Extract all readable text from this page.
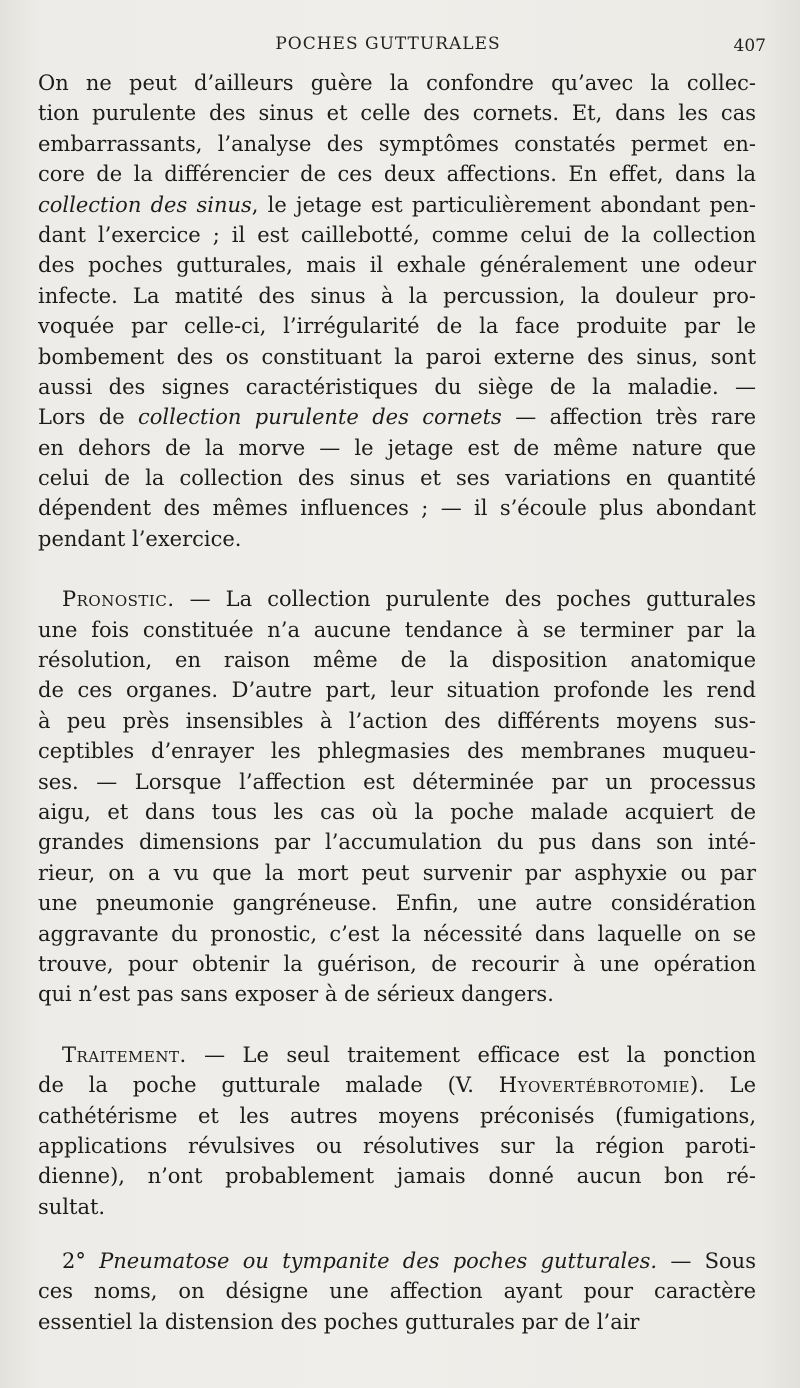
POCHES GUTTURALES	407
On ne peut d’ailleurs guère la confondre qu’avec la collec-
tion purulente des sinus et celle des cornets. Et, dans les cas
embarrassants, l’analyse des symptômes constatés permet en-
core de la différencier de ces deux affections. En effet, dans la
collection des sinus, le jetage est particulièrement abondant pen-
dant l’exercice ; il est caillebotté, comme celui de la collection
des poches gutturales, mais il exhale généralement une odeur
infecte. La matité des sinus à la percussion, la douleur pro-
voquée par celle-ci, l’irrégularité de la face produite par le
bombement des os constituant la paroi externe des sinus, sont
aussi des signes caractéristiques du siège de la maladie. —
Lors de collection purulente des cornets — affection très rare
en dehors de la morve — le jetage est de même nature que
celui de la collection des sinus et ses variations en quantité
dépendent des mêmes influences ; — il s’écoule plus abondant
pendant l’exercice.
Pronostic. — La collection purulente des poches gutturales
une fois constituée n’a aucune tendance à se terminer par la
résolution, en raison même de la disposition anatomique
de ces organes. D’autre part, leur situation profonde les rend
à peu près insensibles à l’action des différents moyens sus-
ceptibles d’enrayer les phlegmasies des membranes muqueu-
ses. — Lorsque l’affection est déterminée par un processus
aigu, et dans tous les cas où la poche malade acquiert de
grandes dimensions par l’accumulation du pus dans son inté-
rieur, on a vu que la mort peut survenir par asphyxie ou par
une pneumonie gangréneuse. Enfin, une autre considération
aggravante du pronostic, c’est la nécessité dans laquelle on se
trouve, pour obtenir la guérison, de recourir à une opération
qui n’est pas sans exposer à de sérieux dangers.
Traitement. — Le seul traitement efficace est la ponction
de la poche gutturale malade (V. Hyovertébrotomie). Le
cathétérisme et les autres moyens préconisés (fumigations,
applications révulsives ou résolutives sur la région paroti-
dienne), n’ont probablement jamais donné aucun bon ré-
sultat.
2° Pneumatose ou tympanite des poches gutturales. — Sous
ces noms, on désigne une affection ayant pour caractère
essentiel la distension des poches gutturales par de l’air
